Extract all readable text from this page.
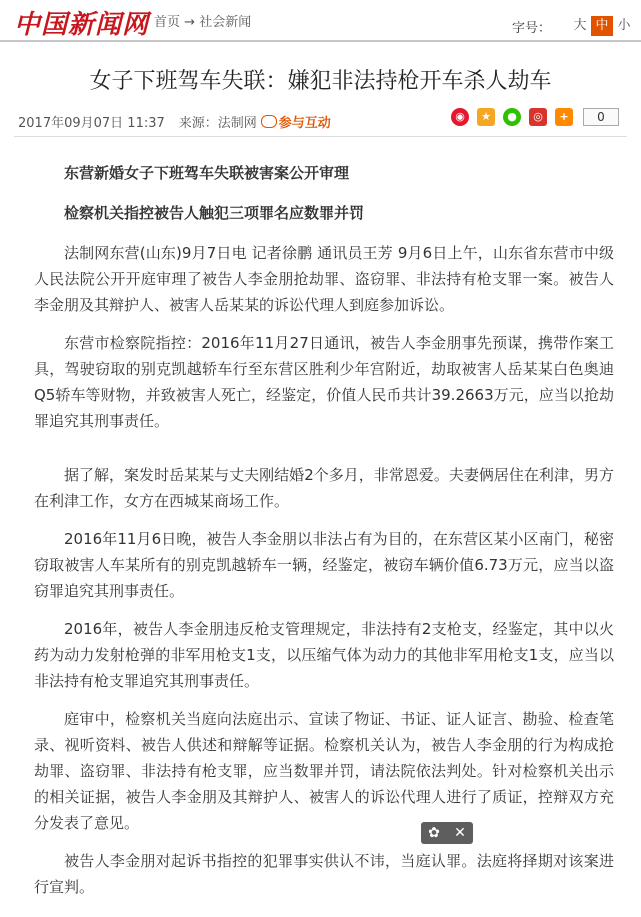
中国新闻网 首页 → 社会新闻	字号：	大 中 小
女子下班驾车失联：嫌犯非法持枪开车杀人劫车
2017年09月07日 11:37 来源：法制网 参与互动	◉	★	●	◎	+	0

东营新婚女子下班驾车失联被害案公开审理

检察机关指控被告人触犯三项罪名应数罪并罚

法制网东营(山东)9月7日电 记者徐鹏 通讯员王芳 9月6日上午，山东省东营市中级人民法院公开开庭审理了被告人李金朋抢劫罪、盗窃罪、非法持有枪支罪一案。被告人李金朋及其辩护人、被害人岳某某的诉讼代理人到庭参加诉讼。

东营市检察院指控：2016年11月27日通讯，被告人李金朋事先预谋，携带作案工具，驾驶窃取的别克凯越轿车行至东营区胜利少年宫附近，劫取被害人岳某某白色奥迪Q5轿车等财物，并致被害人死亡，经鉴定，价值人民币共计39.2663万元，应当以抢劫罪追究其刑事责任。

据了解，案发时岳某某与丈夫刚结婚2个多月，非常恩爱。夫妻俩居住在利津，男方在利津工作，女方在西城某商场工作。

2016年11月6日晚，被告人李金朋以非法占有为目的，在东营区某小区南门，秘密窃取被害人车某所有的别克凯越轿车一辆，经鉴定，被窃车辆价值6.73万元，应当以盗窃罪追究其刑事责任。

2016年，被告人李金朋违反枪支管理规定，非法持有2支枪支，经鉴定，其中以火药为动力发射枪弹的非军用枪支1支，以压缩气体为动力的其他非军用枪支1支，应当以非法持有枪支罪追究其刑事责任。

庭审中，检察机关当庭向法庭出示、宣读了物证、书证、证人证言、勘验、检查笔录、视听资料、被告人供述和辩解等证据。检察机关认为，被告人李金朋的行为构成抢劫罪、盗窃罪、非法持有枪支罪，应当数罪并罚，请法院依法判处。针对检察机关出示的相关证据，被告人李金朋及其辩护人、被害人的诉讼代理人进行了质证，控辩双方充分发表了意见。

被告人李金朋对起诉书指控的犯罪事实供认不讳，当庭认罪。法庭将择期对该案进行宣判。

✿ ✕
